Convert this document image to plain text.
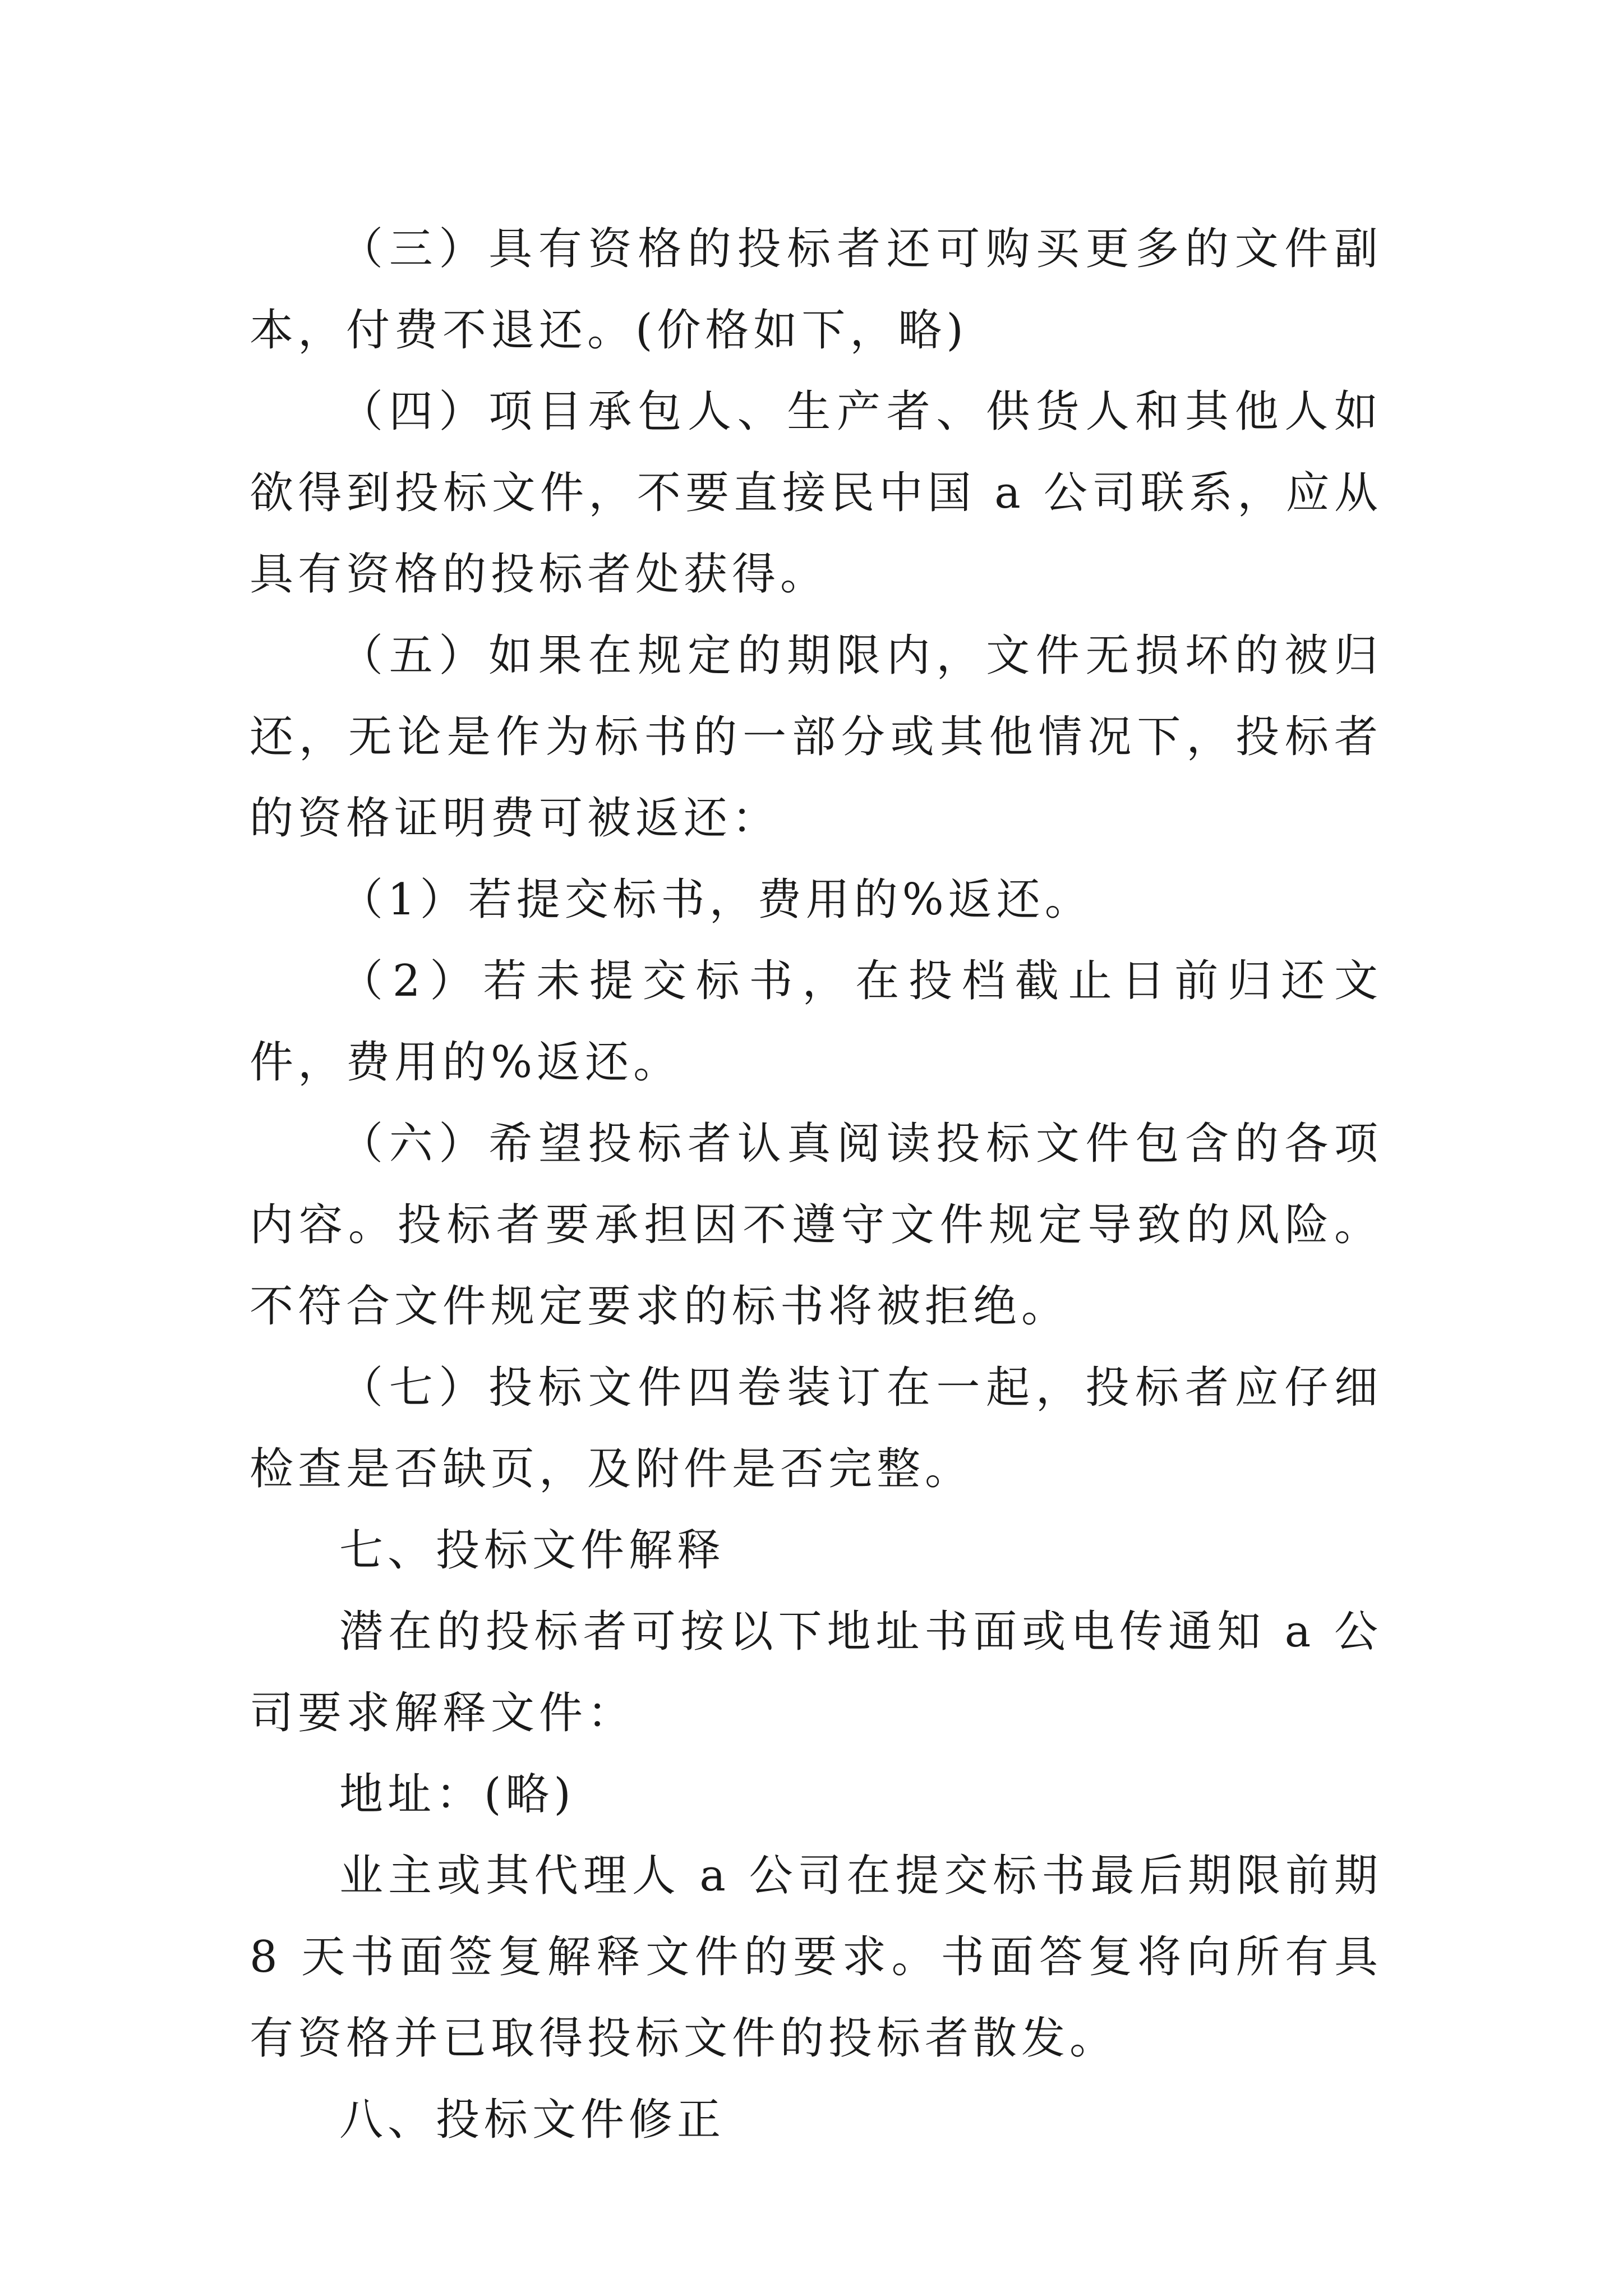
（三）具有资格的投标者还可购买更多的文件副本，付费不退还。(价格如下，略)

（四）项目承包人、生产者、供货人和其他人如欲得到投标文件，不要直接民中国 a 公司联系，应从具有资格的投标者处获得。

（五）如果在规定的期限内，文件无损坏的被归还，无论是作为标书的一部分或其他情况下，投标者的资格证明费可被返还：

（1）若提交标书，费用的%返还。

（2）若未提交标书，在投档截止日前归还文件，费用的%返还。

（六）希望投标者认真阅读投标文件包含的各项内容。投标者要承担因不遵守文件规定导致的风险。不符合文件规定要求的标书将被拒绝。

（七）投标文件四卷装订在一起，投标者应仔细检查是否缺页，及附件是否完整。

七、投标文件解释

潜在的投标者可按以下地址书面或电传通知 a 公司要求解释文件：

地址：(略)

业主或其代理人 a 公司在提交标书最后期限前期 8 天书面签复解释文件的要求。书面答复将向所有具有资格并已取得投标文件的投标者散发。

八、投标文件修正
